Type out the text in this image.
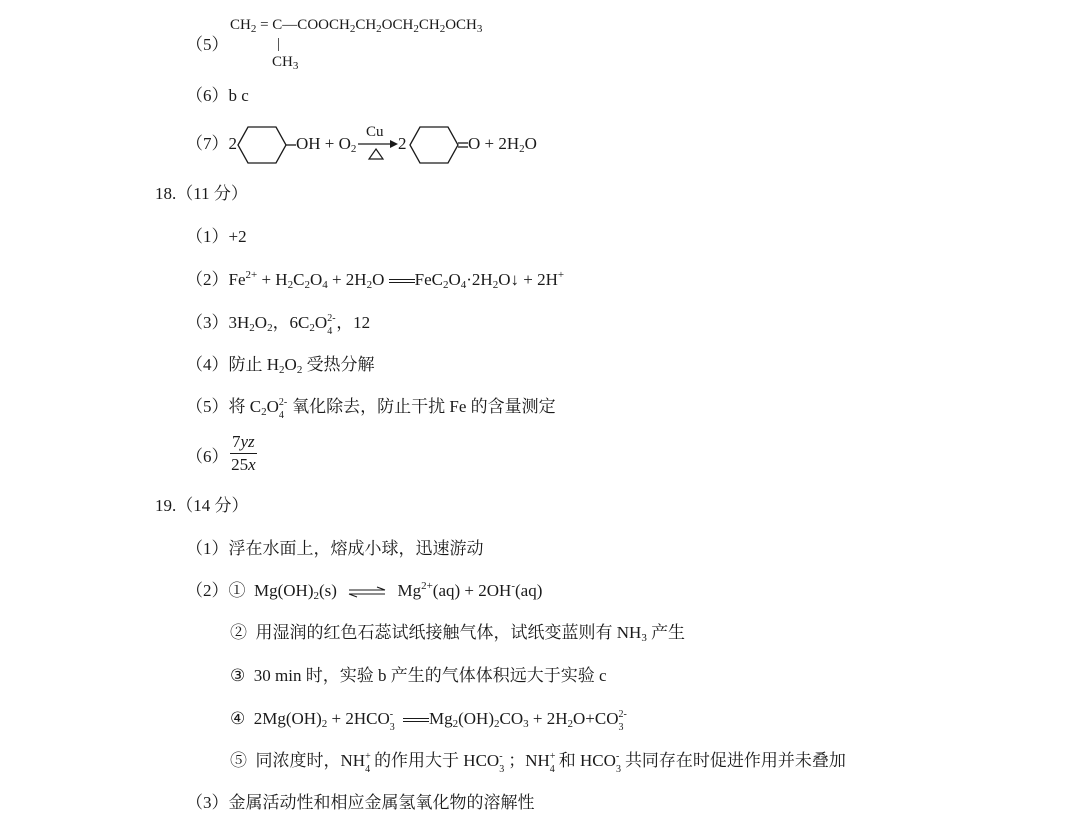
（5）
$CH_2$ = $C—COOCH_2CH_2OCH_2CH_2OCH_3$
|
$CH_3$
（6）b c
（7）2	OH + $O_2$
Cu
→ 2	$O + 2H_2O$
18.（11 分）
（1）+2
$(2)Fe^{2+} + H_2C_2O_4 + 2H_2O$ $FeC_2O_4\cdot 2H_2O↓ + 2H^+$
$(3)3H_2O_2$，$6C_2O$ 2-
4 ，12
（4）防止 $H_2O_2$ 受热分解
（5）将 $C_2O$ 2-
4 氧化除去，防止干扰 Fe 的含量测定
$(6) \frac{7yz}{25x}$
19.（14 分）
（1）浮在水面上，熔成小球，迅速游动
（2）①  $Mg(OH)_2(s)$ ⇌ $Mg^{2+}(aq) + 2OH^-(aq)$
② 用湿润的红色石蕊试纸接触气体，试纸变蓝则有 $NH_3$ 产生
③  30 min 时，实验 b 产生的气体体积远大于实验 c
④  $2Mg(OH)_2 + 2HCO$ -
3 $Mg_2(OH)_2CO_3 + 2H_2O+CO$ 2-
3
⑤ 同浓度时，NH +
4 的作用大于 HCO -
3 ；NH +
4 和 HCO -
3 共同存在时促进作用并未叠加
（3）金属活动性和相应金属氢氧化物的溶解性
